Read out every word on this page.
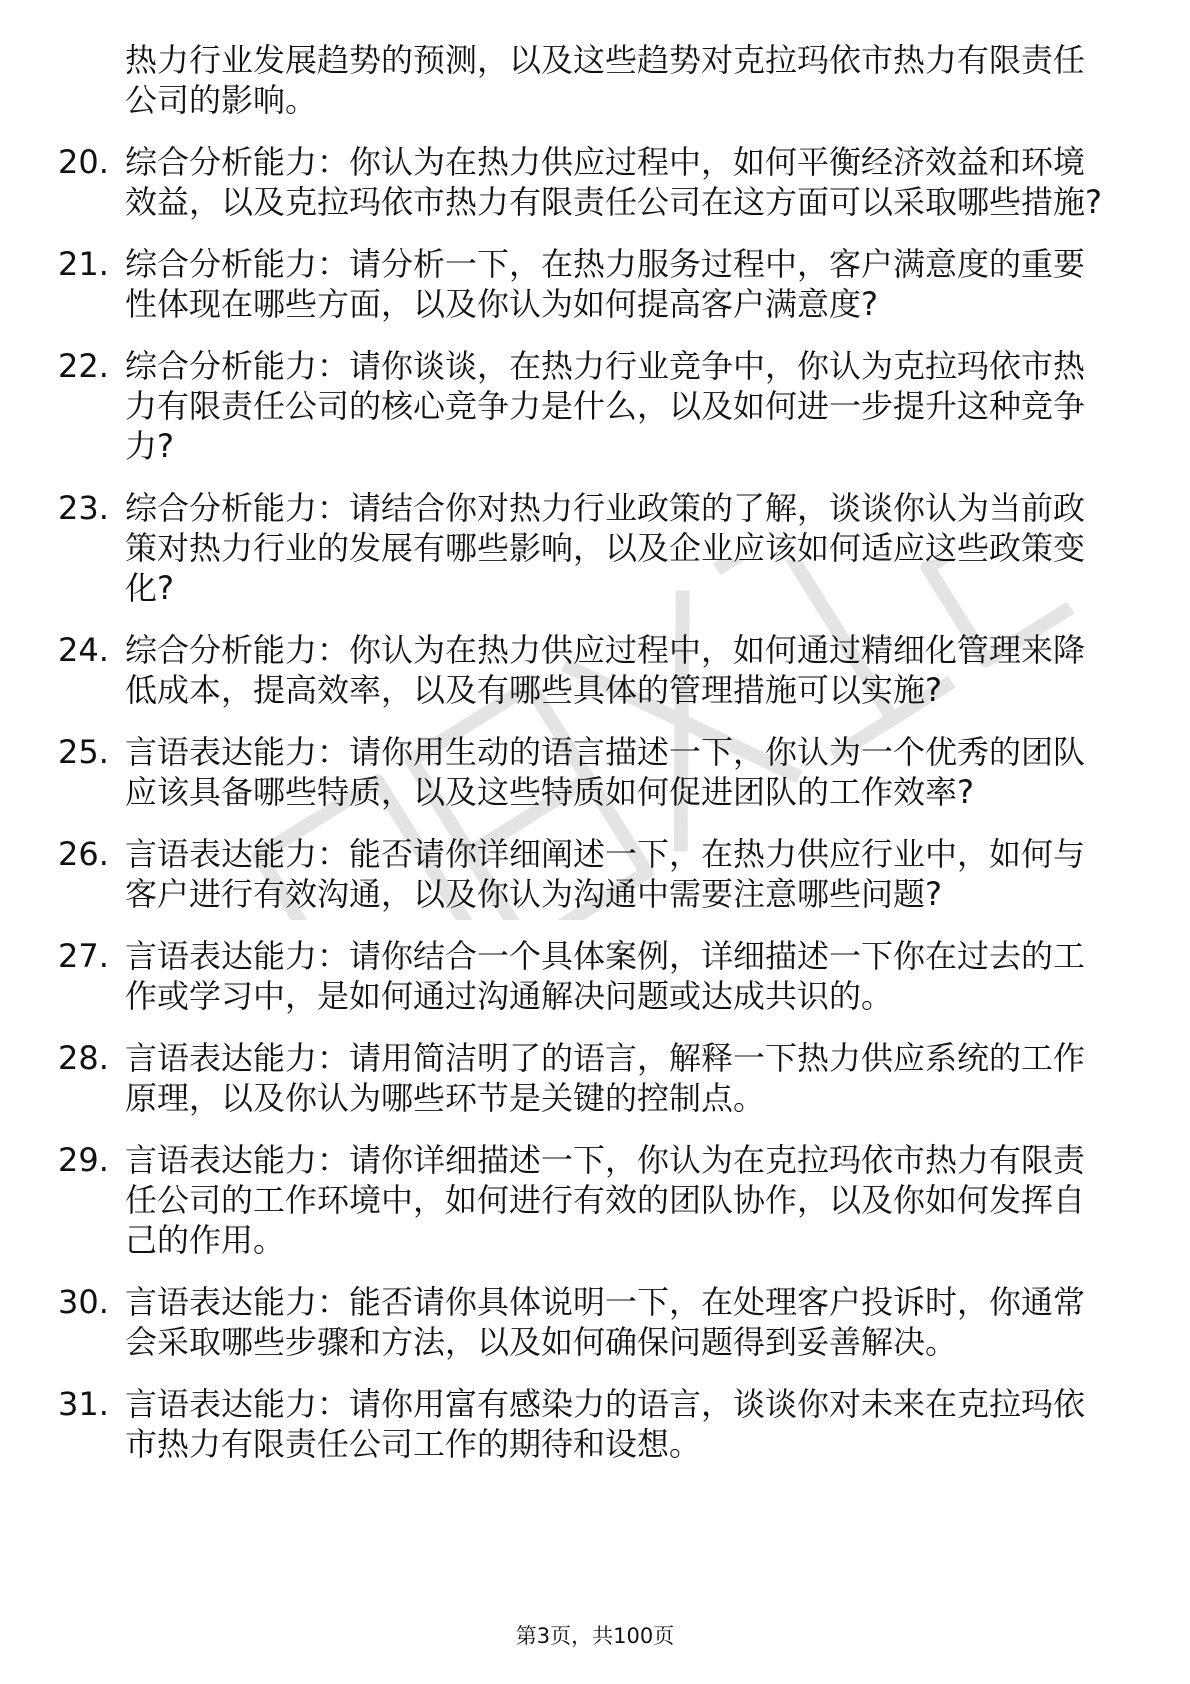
热力行业发展趋势的预测，以及这些趋势对克拉玛依市热力有限责任公司的影响。
20. 综合分析能力：你认为在热力供应过程中，如何平衡经济效益和环境效益，以及克拉玛依市热力有限责任公司在这方面可以采取哪些措施?
21. 综合分析能力：请分析一下，在热力服务过程中，客户满意度的重要性体现在哪些方面，以及你认为如何提高客户满意度?
22. 综合分析能力：请你谈谈，在热力行业竞争中，你认为克拉玛依市热力有限责任公司的核心竞争力是什么，以及如何进一步提升这种竞争力?
23. 综合分析能力：请结合你对热力行业政策的了解，谈谈你认为当前政策对热力行业的发展有哪些影响，以及企业应该如何适应这些政策变化?
24. 综合分析能力：你认为在热力供应过程中，如何通过精细化管理来降低成本，提高效率，以及有哪些具体的管理措施可以实施?
25. 言语表达能力：请你用生动的语言描述一下，你认为一个优秀的团队应该具备哪些特质，以及这些特质如何促进团队的工作效率?
26. 言语表达能力：能否请你详细阐述一下，在热力供应行业中，如何与客户进行有效沟通，以及你认为沟通中需要注意哪些问题?
27. 言语表达能力：请你结合一个具体案例，详细描述一下你在过去的工作或学习中，是如何通过沟通解决问题或达成共识的。
28. 言语表达能力：请用简洁明了的语言，解释一下热力供应系统的工作原理，以及你认为哪些环节是关键的控制点。
29. 言语表达能力：请你详细描述一下，你认为在克拉玛依市热力有限责任公司的工作环境中，如何进行有效的团队协作，以及你如何发挥自己的作用。
30. 言语表达能力：能否请你具体说明一下，在处理客户投诉时，你通常会采取哪些步骤和方法，以及如何确保问题得到妥善解决。
31. 言语表达能力：请你用富有感染力的语言，谈谈你对未来在克拉玛依市热力有限责任公司工作的期待和设想。
第3页，共100页
